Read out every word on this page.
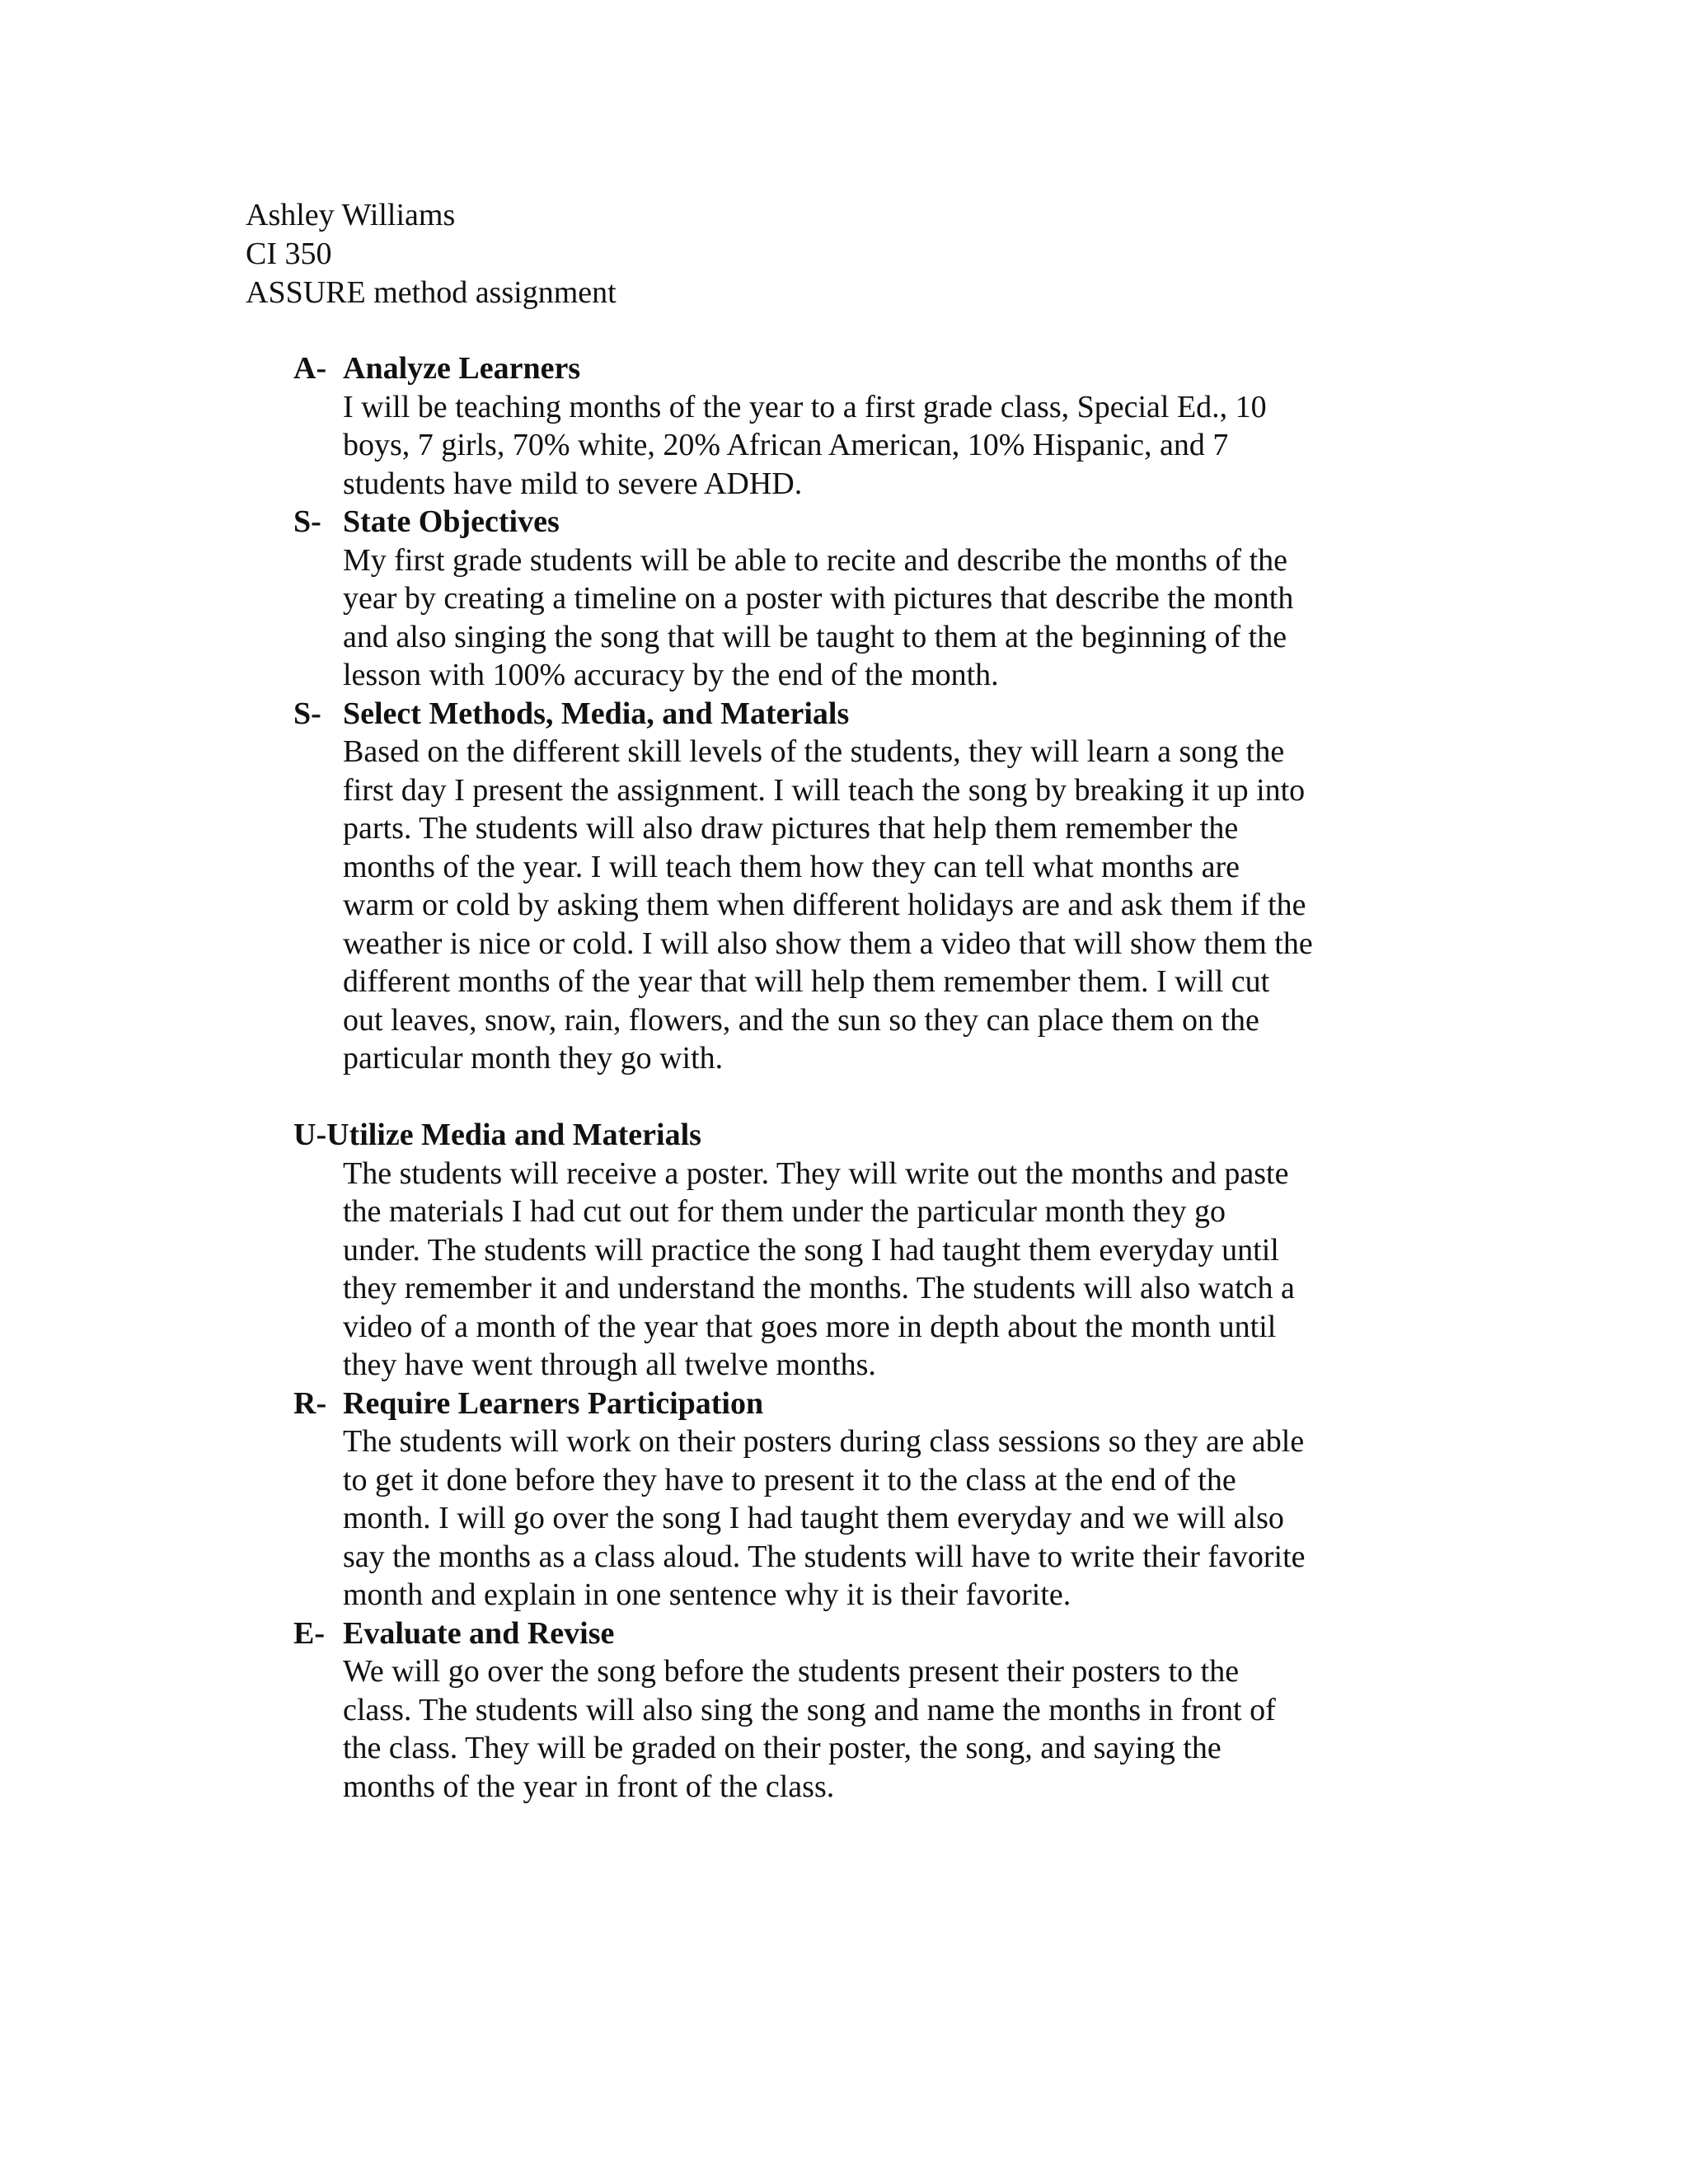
Ashley Williams
CI 350
ASSURE method assignment
A- Analyze Learners
I will be teaching months of the year to a first grade class, Special Ed., 10
boys, 7 girls, 70% white, 20% African American, 10% Hispanic, and 7
students have mild to severe ADHD.
S- State Objectives
My first grade students will be able to recite and describe the months of the
year by creating a timeline on a poster with pictures that describe the month
and also singing the song that will be taught to them at the beginning of the
lesson with 100% accuracy by the end of the month.
S- Select Methods, Media, and Materials
Based on the different skill levels of the students, they will learn a song the
first day I present the assignment. I will teach the song by breaking it up into
parts. The students will also draw pictures that help them remember the
months of the year. I will teach them how they can tell what months are
warm or cold by asking them when different holidays are and ask them if the
weather is nice or cold. I will also show them a video that will show them the
different months of the year that will help them remember them. I will cut
out leaves, snow, rain, flowers, and the sun so they can place them on the
particular month they go with.
U-Utilize Media and Materials
The students will receive a poster. They will write out the months and paste
the materials I had cut out for them under the particular month they go
under. The students will practice the song I had taught them everyday until
they remember it and understand the months. The students will also watch a
video of a month of the year that goes more in depth about the month until
they have went through all twelve months.
R- Require Learners Participation
The students will work on their posters during class sessions so they are able
to get it done before they have to present it to the class at the end of the
month. I will go over the song I had taught them everyday and we will also
say the months as a class aloud. The students will have to write their favorite
month and explain in one sentence why it is their favorite.
E- Evaluate and Revise
We will go over the song before the students present their posters to the
class. The students will also sing the song and name the months in front of
the class. They will be graded on their poster, the song, and saying the
months of the year in front of the class.
